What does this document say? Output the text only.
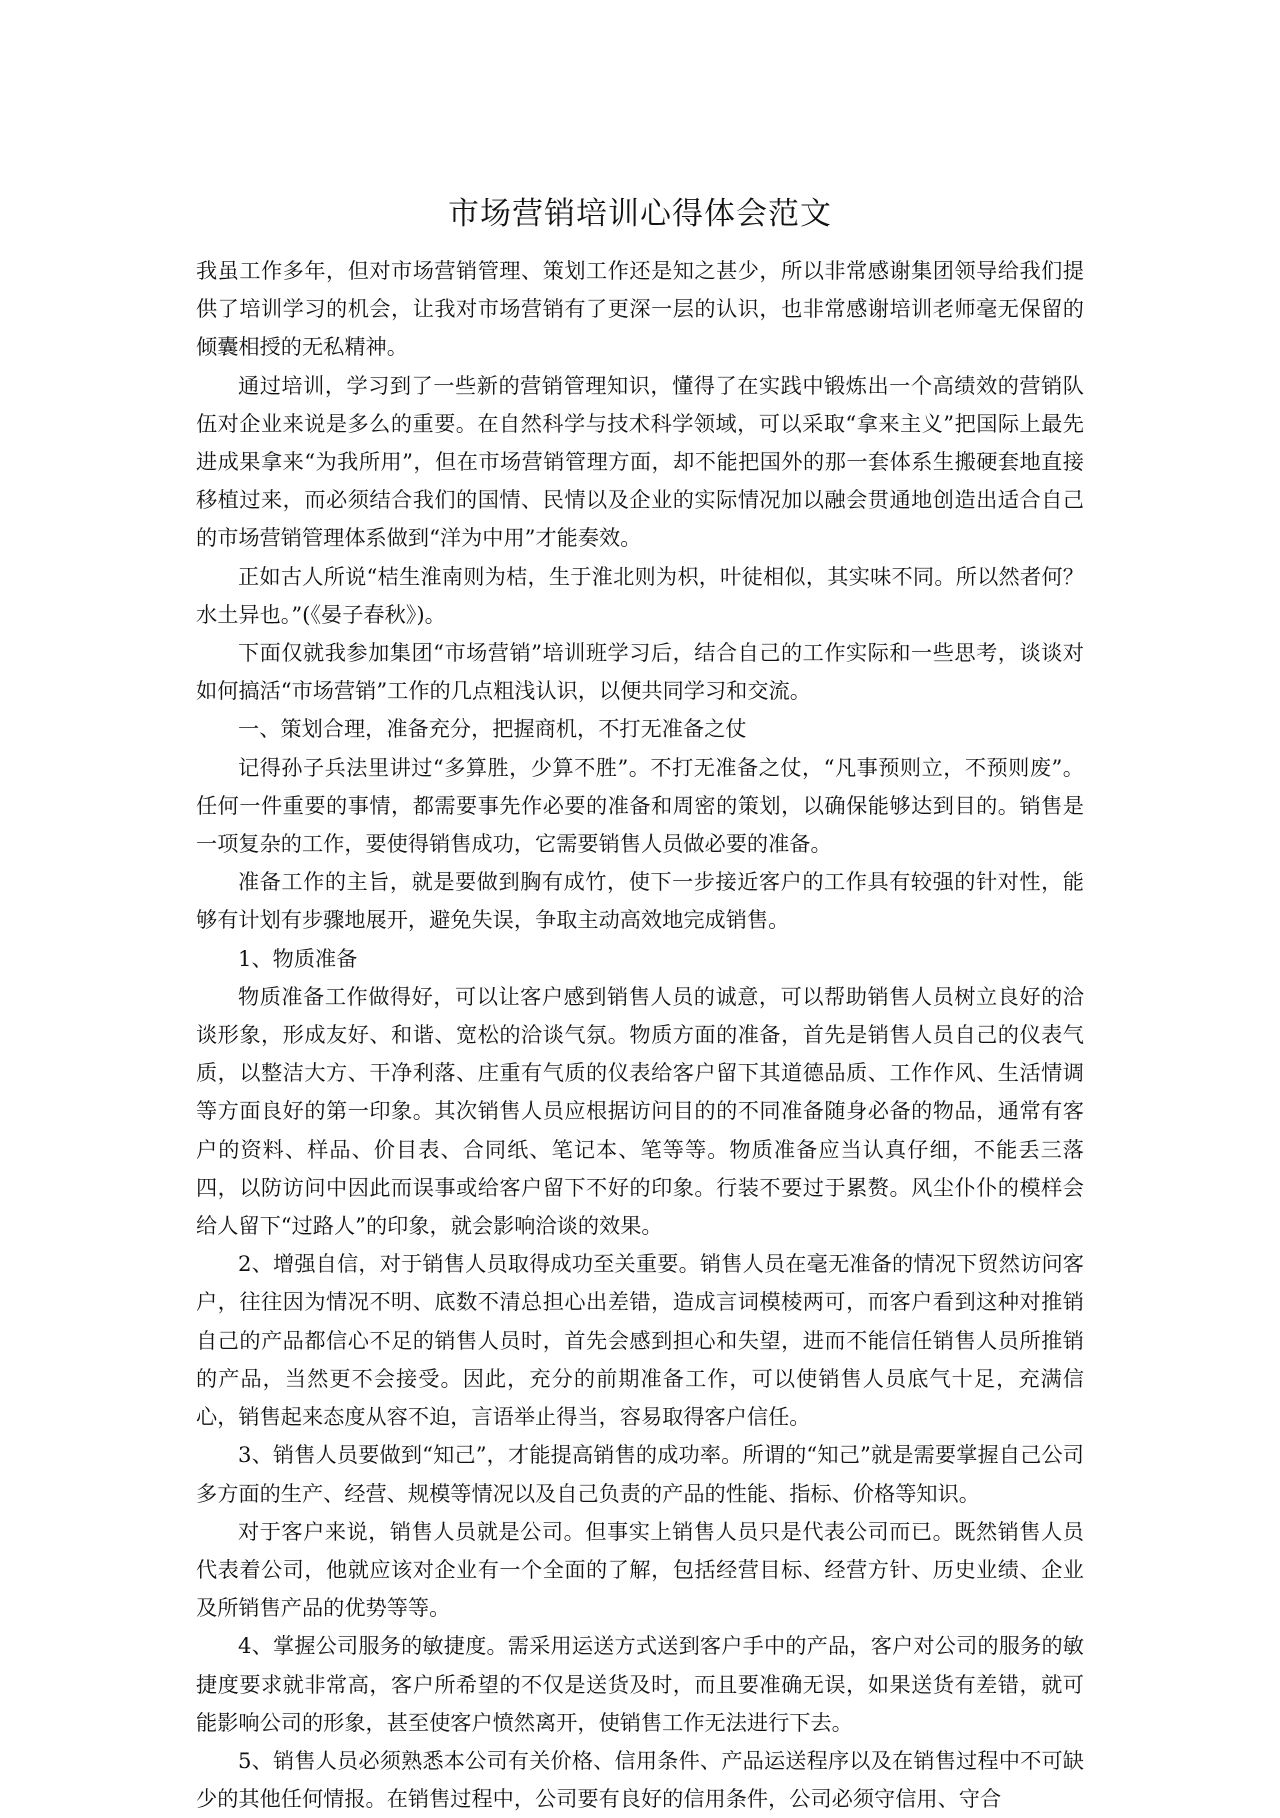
市场营销培训心得体会范文

我虽工作多年，但对市场营销管理、策划工作还是知之甚少，所以非常感谢集团领导给我们提供了培训学习的机会，让我对市场营销有了更深一层的认识，也非常感谢培训老师毫无保留的倾囊相授的无私精神。

通过培训，学习到了一些新的营销管理知识，懂得了在实践中锻炼出一个高绩效的营销队伍对企业来说是多么的重要。在自然科学与技术科学领域，可以采取“拿来主义”把国际上最先进成果拿来“为我所用”，但在市场营销管理方面，却不能把国外的那一套体系生搬硬套地直接移植过来，而必须结合我们的国情、民情以及企业的实际情况加以融会贯通地创造出适合自己的市场营销管理体系做到“洋为中用”才能奏效。

正如古人所说“桔生淮南则为桔，生于淮北则为枳，叶徒相似，其实味不同。所以然者何？水土异也。”(《晏子春秋》)。

下面仅就我参加集团“市场营销”培训班学习后，结合自己的工作实际和一些思考，谈谈对如何搞活“市场营销”工作的几点粗浅认识，以便共同学习和交流。

一、策划合理，准备充分，把握商机，不打无准备之仗

记得孙子兵法里讲过“多算胜，少算不胜”。不打无准备之仗，“凡事预则立，不预则废”。任何一件重要的事情，都需要事先作必要的准备和周密的策划，以确保能够达到目的。销售是一项复杂的工作，要使得销售成功，它需要销售人员做必要的准备。

准备工作的主旨，就是要做到胸有成竹，使下一步接近客户的工作具有较强的针对性，能够有计划有步骤地展开，避免失误，争取主动高效地完成销售。

1、物质准备

物质准备工作做得好，可以让客户感到销售人员的诚意，可以帮助销售人员树立良好的洽谈形象，形成友好、和谐、宽松的洽谈气氛。物质方面的准备，首先是销售人员自己的仪表气质，以整洁大方、干净利落、庄重有气质的仪表给客户留下其道德品质、工作作风、生活情调等方面良好的第一印象。其次销售人员应根据访问目的的不同准备随身必备的物品，通常有客户的资料、样品、价目表、合同纸、笔记本、笔等等。物质准备应当认真仔细，不能丢三落四，以防访问中因此而误事或给客户留下不好的印象。行装不要过于累赘。风尘仆仆的模样会给人留下“过路人”的印象，就会影响洽谈的效果。

2、增强自信，对于销售人员取得成功至关重要。销售人员在毫无准备的情况下贸然访问客户，往往因为情况不明、底数不清总担心出差错，造成言词模棱两可，而客户看到这种对推销自己的产品都信心不足的销售人员时，首先会感到担心和失望，进而不能信任销售人员所推销的产品，当然更不会接受。因此，充分的前期准备工作，可以使销售人员底气十足，充满信心，销售起来态度从容不迫，言语举止得当，容易取得客户信任。

3、销售人员要做到“知己”，才能提高销售的成功率。所谓的“知己”就是需要掌握自己公司多方面的生产、经营、规模等情况以及自己负责的产品的性能、指标、价格等知识。

对于客户来说，销售人员就是公司。但事实上销售人员只是代表公司而已。既然销售人员代表着公司，他就应该对企业有一个全面的了解，包括经营目标、经营方针、历史业绩、企业及所销售产品的优势等等。

4、掌握公司服务的敏捷度。需采用运送方式送到客户手中的产品，客户对公司的服务的敏捷度要求就非常高，客户所希望的不仅是送货及时，而且要准确无误，如果送货有差错，就可能影响公司的形象，甚至使客户愤然离开，使销售工作无法进行下去。

5、销售人员必须熟悉本公司有关价格、信用条件、产品运送程序以及在销售过程中不可缺少的其他任何情报。在销售过程中，公司要有良好的信用条件，公司必须守信用、守合
